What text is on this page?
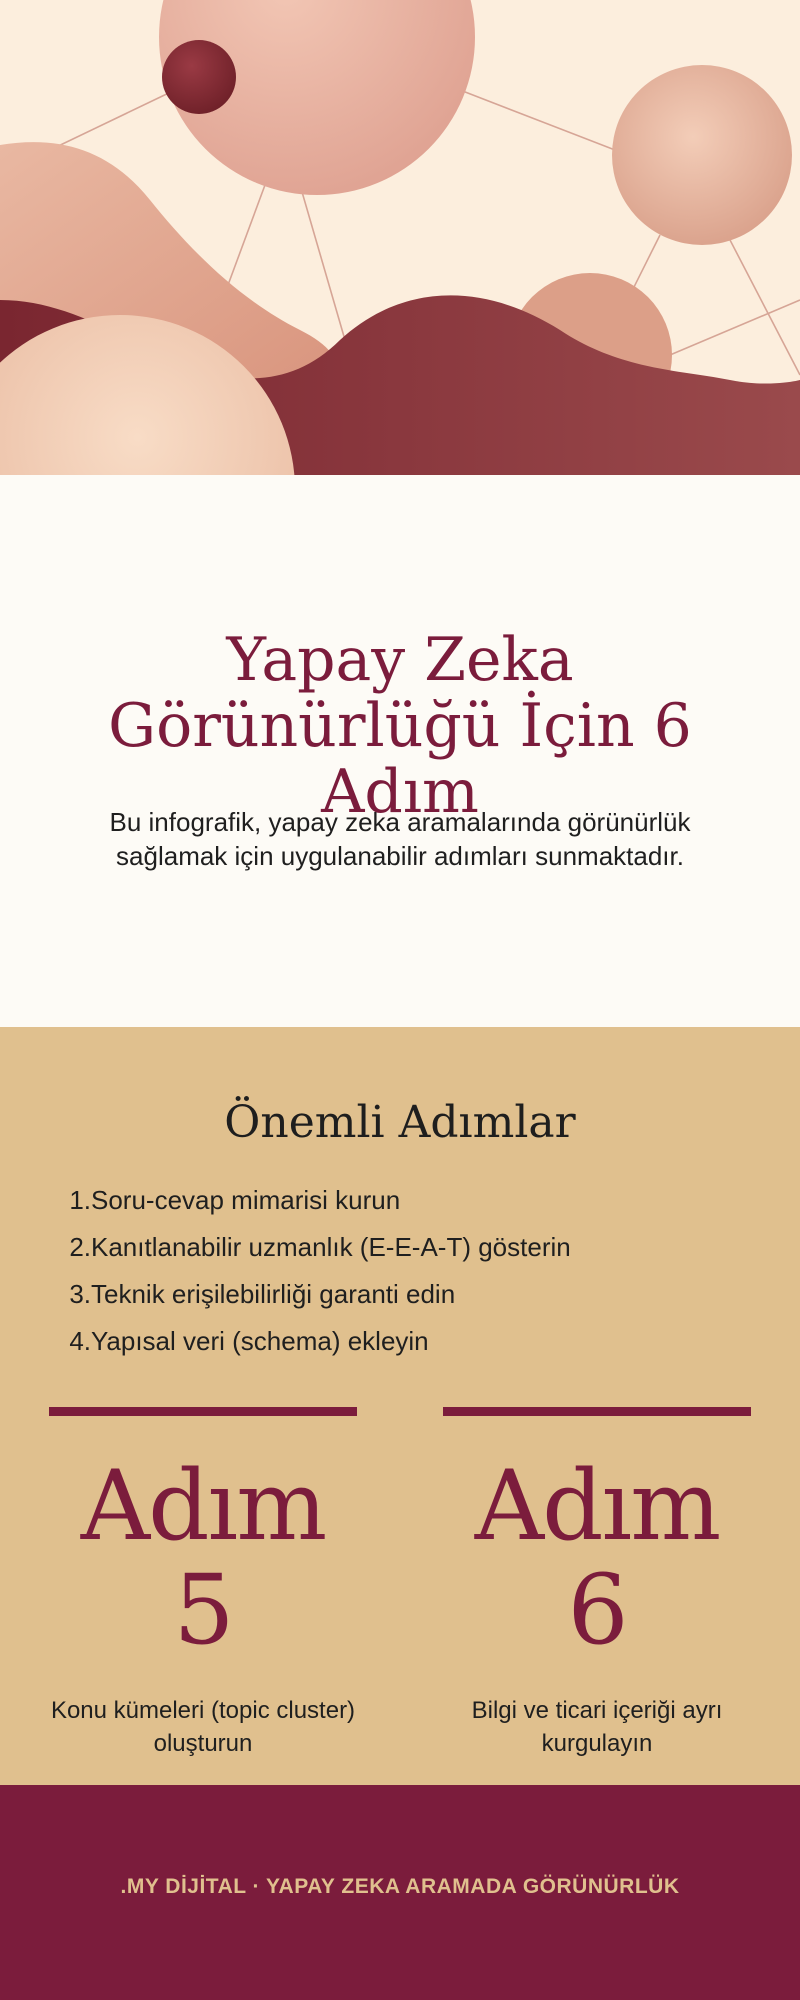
Yapay Zeka Görünürlüğü İçin 6 Adım

Bu infografik, yapay zeka aramalarında görünürlük sağlamak için uygulanabilir adımları sunmaktadır.

Önemli Adımlar
1. Soru-cevap mimarisi kurun
2. Kanıtlanabilir uzmanlık (E-E-A-T) gösterin
3. Teknik erişilebilirliği garanti edin
4. Yapısal veri (schema) ekleyin

Adım 5

Konu kümeleri (topic cluster) oluşturun

Adım 6

Bilgi ve ticari içeriği ayrı kurgulayın

.MY DİJİTAL · YAPAY ZEKA ARAMADA GÖRÜNÜRLÜK
